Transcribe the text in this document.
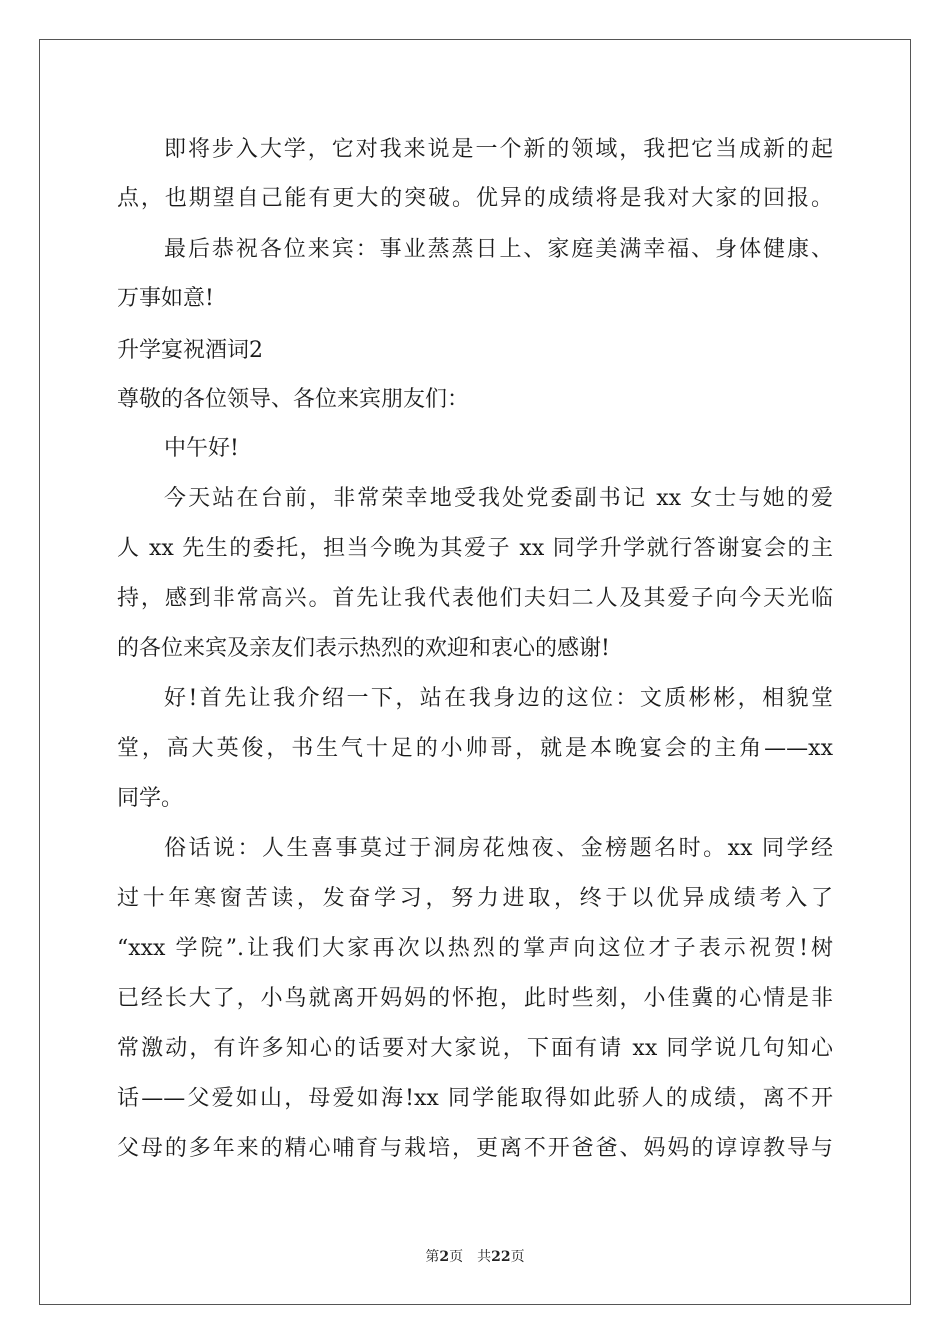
即将步入大学，它对我来说是一个新的领域，我把它当成新的起

点，也期望自己能有更大的突破。优异的成绩将是我对大家的回报。

最后恭祝各位来宾：事业蒸蒸日上、家庭美满幸福、身体健康、

万事如意!

升学宴祝酒词2

尊敬的各位领导、各位来宾朋友们：

中午好!

今天站在台前，非常荣幸地受我处党委副书记 xx 女士与她的爱

人 xx 先生的委托，担当今晚为其爱子 xx 同学升学就行答谢宴会的主

持，感到非常高兴。首先让我代表他们夫妇二人及其爱子向今天光临

的各位来宾及亲友们表示热烈的欢迎和衷心的感谢!

好!首先让我介绍一下，站在我身边的这位：文质彬彬，相貌堂

堂，高大英俊，书生气十足的小帅哥，就是本晚宴会的主角——xx

同学。

俗话说：人生喜事莫过于洞房花烛夜、金榜题名时。xx 同学经

过十年寒窗苦读，发奋学习，努力进取，终于以优异成绩考入了

“xxx 学院”.让我们大家再次以热烈的掌声向这位才子表示祝贺!树

已经长大了，小鸟就离开妈妈的怀抱，此时些刻，小佳冀的心情是非

常激动，有许多知心的话要对大家说，下面有请 xx 同学说几句知心

话——父爱如山，母爱如海!xx 同学能取得如此骄人的成绩，离不开

父母的多年来的精心哺育与栽培，更离不开爸爸、妈妈的谆谆教导与

第2页　共22页
